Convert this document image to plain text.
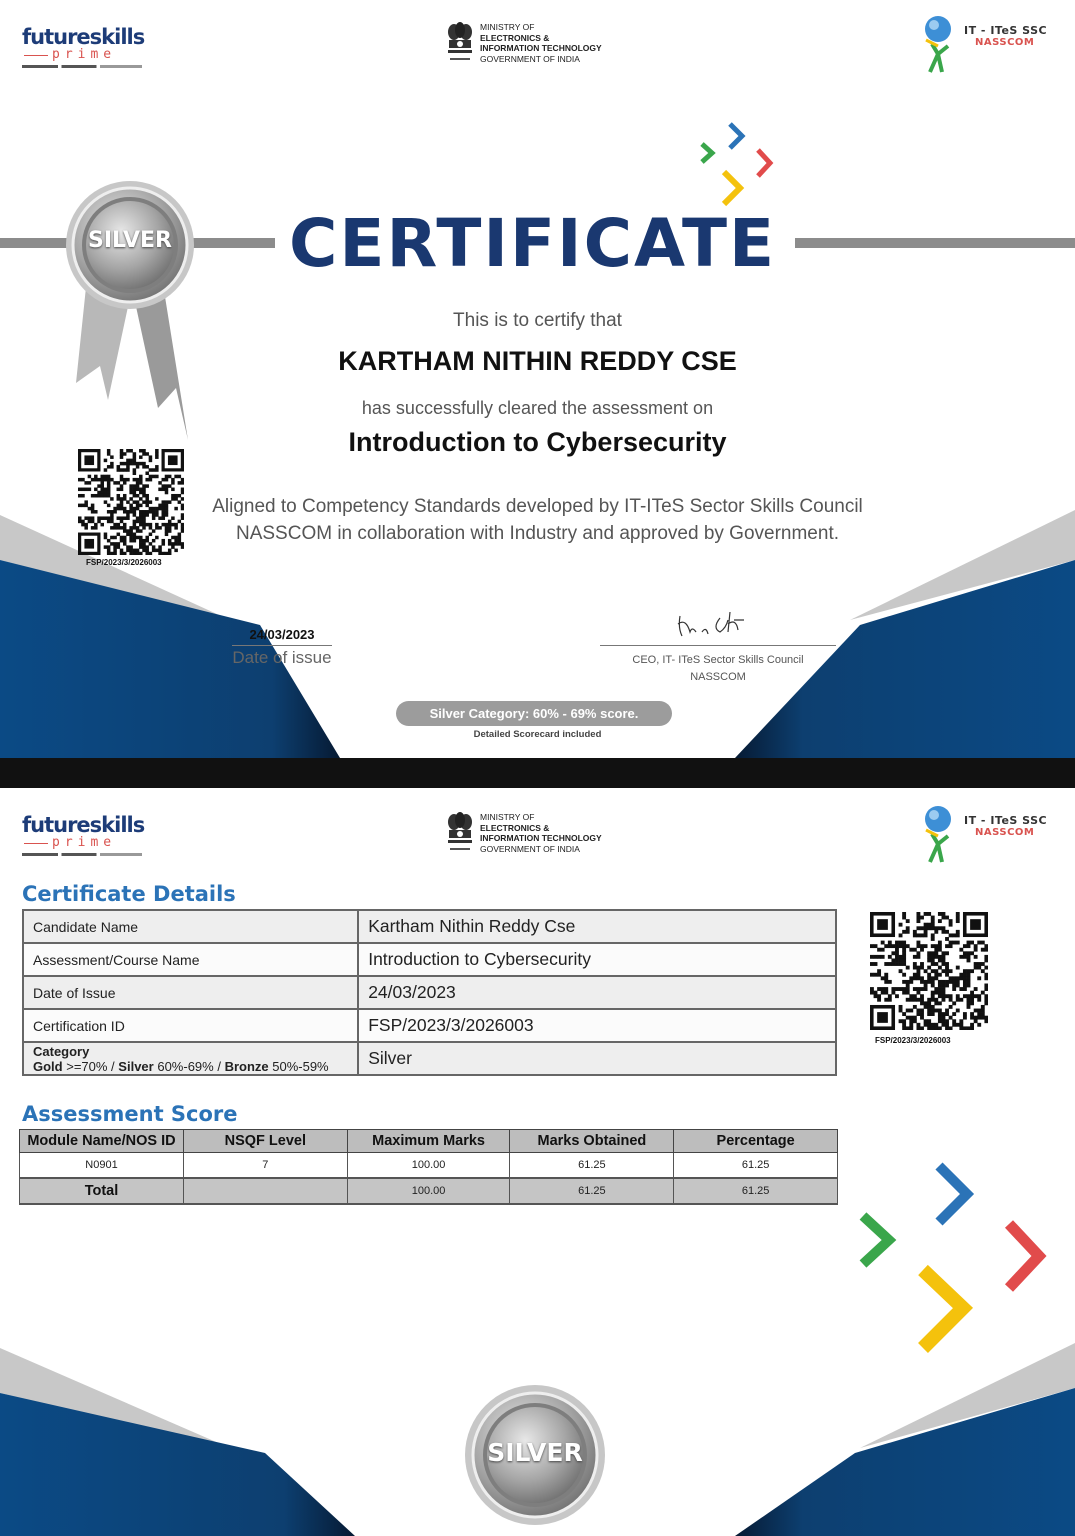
futureskills
prime
MINISTRY OF
ELECTRONICS &
INFORMATION TECHNOLOGY
GOVERNMENT OF INDIA
IT - ITeS SSC
NASSCOM
CERTIFICATE
SILVER
FSP/2023/3/2026003
This is to certify that
KARTHAM NITHIN REDDY CSE
has successfully cleared the assessment on
Introduction to Cybersecurity
Aligned to Competency Standards developed by IT-ITeS Sector Skills Council
NASSCOM in collaboration with Industry and approved by Government.
24/03/2023
Date of issue	CEO, IT- ITeS Sector Skills Council
NASSCOM
Silver Category: 60% - 69% score.
Detailed Scorecard included
futureskills
prime
MINISTRY OF
ELECTRONICS &
INFORMATION TECHNOLOGY
GOVERNMENT OF INDIA
IT - ITeS SSC
NASSCOM
Certificate Details
Candidate Name	Kartham Nithin Reddy Cse
Assessment/Course Name	Introduction to Cybersecurity
Date of Issue	24/03/2023
Certification ID	FSP/2023/3/2026003

Category
Gold >=70% / Silver 60%-69% / Bronze 50%-59%	Silver
FSP/2023/3/2026003
Assessment Score
Module Name/NOS ID	NSQF Level	Maximum Marks	Marks Obtained	Percentage
N0901	7	100.00	61.25	61.25
Total		100.00	61.25	61.25
SILVER
